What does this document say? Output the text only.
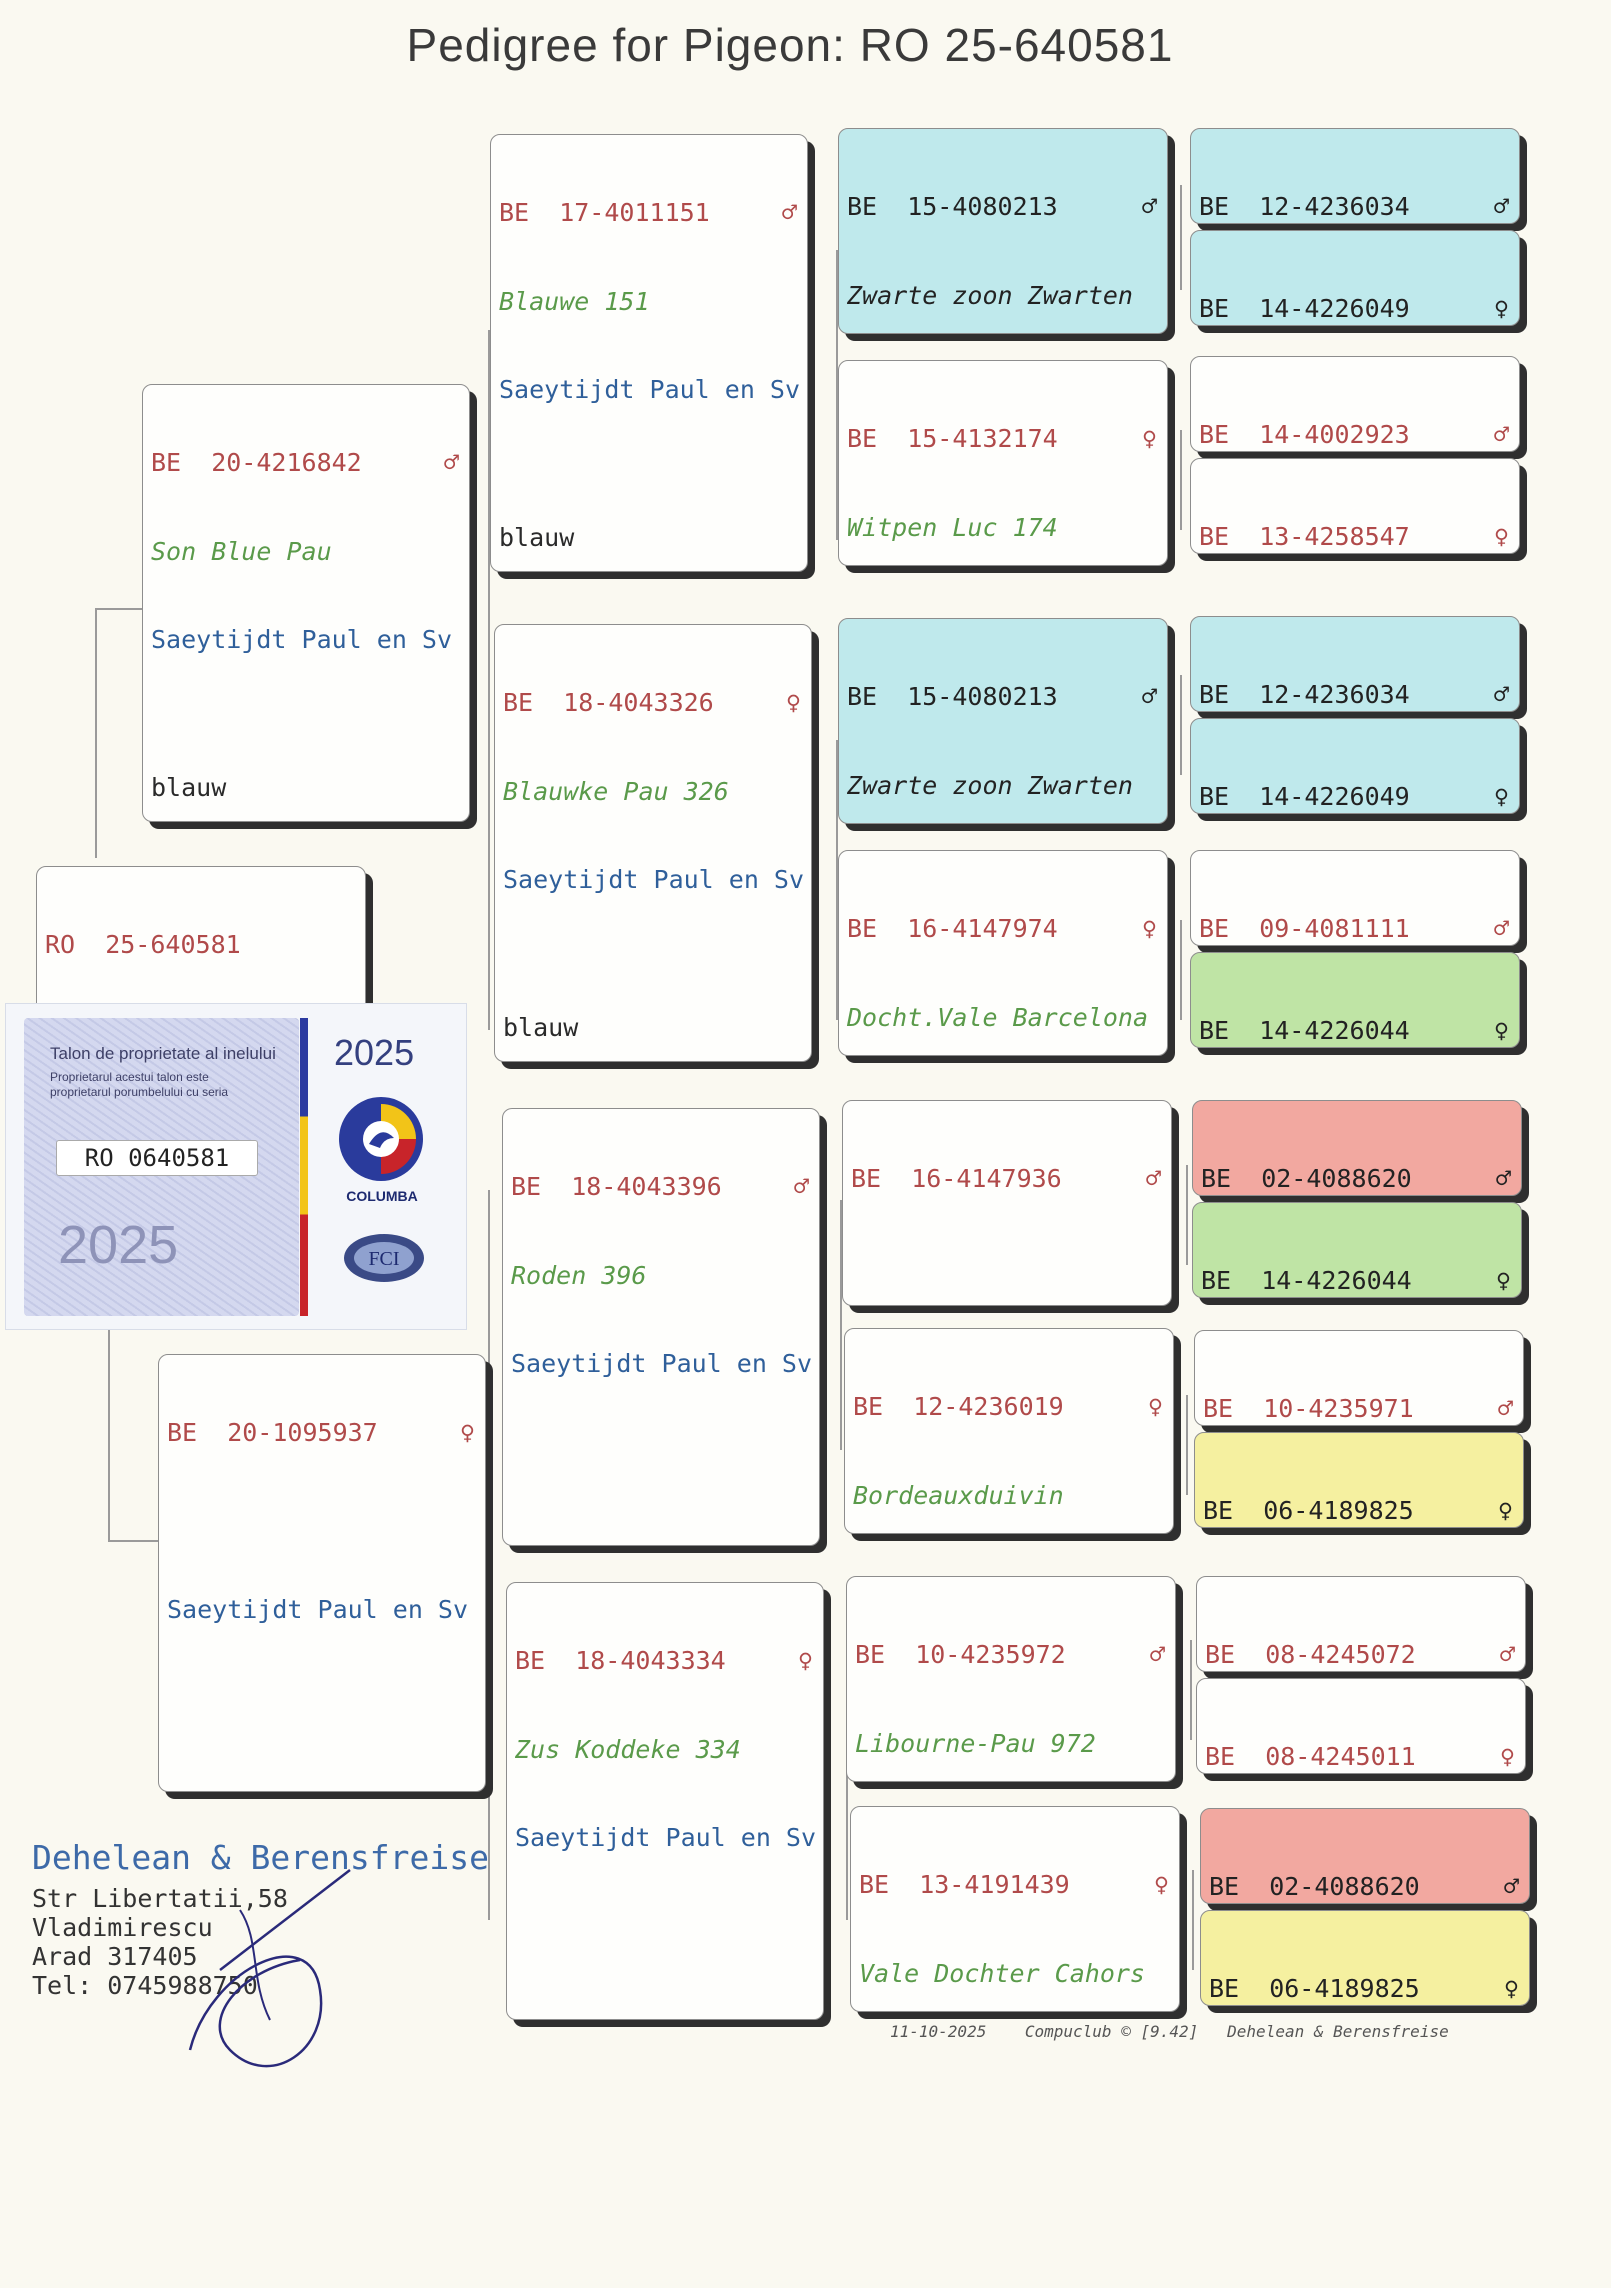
Pedigree for Pigeon: RO 25-640581

RO  25-640581

BE  20-4216842	♂

Son Blue Pau

Saeytijdt Paul en Sv

blauw

BE  20-1095937	♀

Saeytijdt Paul en Sv

BE  17-4011151	♂

Blauwe 151

Saeytijdt Paul en Sv

blauw

BE  18-4043326	♀

Blauwke Pau 326

Saeytijdt Paul en Sv

blauw

BE  18-4043396	♂

Roden 396

Saeytijdt Paul en Sv

BE  18-4043334	♀

Zus Koddeke 334

Saeytijdt Paul en Sv

BE  15-4080213	♂

Zwarte zoon Zwarten

BE  15-4132174	♀

Witpen Luc 174

BE  15-4080213	♂

Zwarte zoon Zwarten

BE  16-4147974	♀

Docht.Vale Barcelona

BE  16-4147936	♂

BE  12-4236019	♀

Bordeauxduivin

BE  10-4235972	♂

Libourne-Pau 972

BE  13-4191439	♀

Vale Dochter Cahors

BE  12-4236034	♂

BE  14-4226049	♀

BE  14-4002923	♂

BE  13-4258547	♀

BE  12-4236034	♂

BE  14-4226049	♀

BE  09-4081111	♂

BE  14-4226044	♀

BE  02-4088620	♂

BE  14-4226044	♀

BE  10-4235971	♂

BE  06-4189825	♀

BE  08-4245072	♂

BE  08-4245011	♀

BE  02-4088620	♂

BE  06-4189825	♀

Talon de proprietate al inelului
Proprietarul acestui talon este proprietarul porumbelului cu seria
RO 0640581
2025
2025
COLUMBA
FCI
Dehelean & Berensfreise
Str Libertatii,58
Vladimirescu
Arad 317405
Tel: 0745988750
11-10-2025 Compuclub © [9.42] Dehelean & Berensfreise
